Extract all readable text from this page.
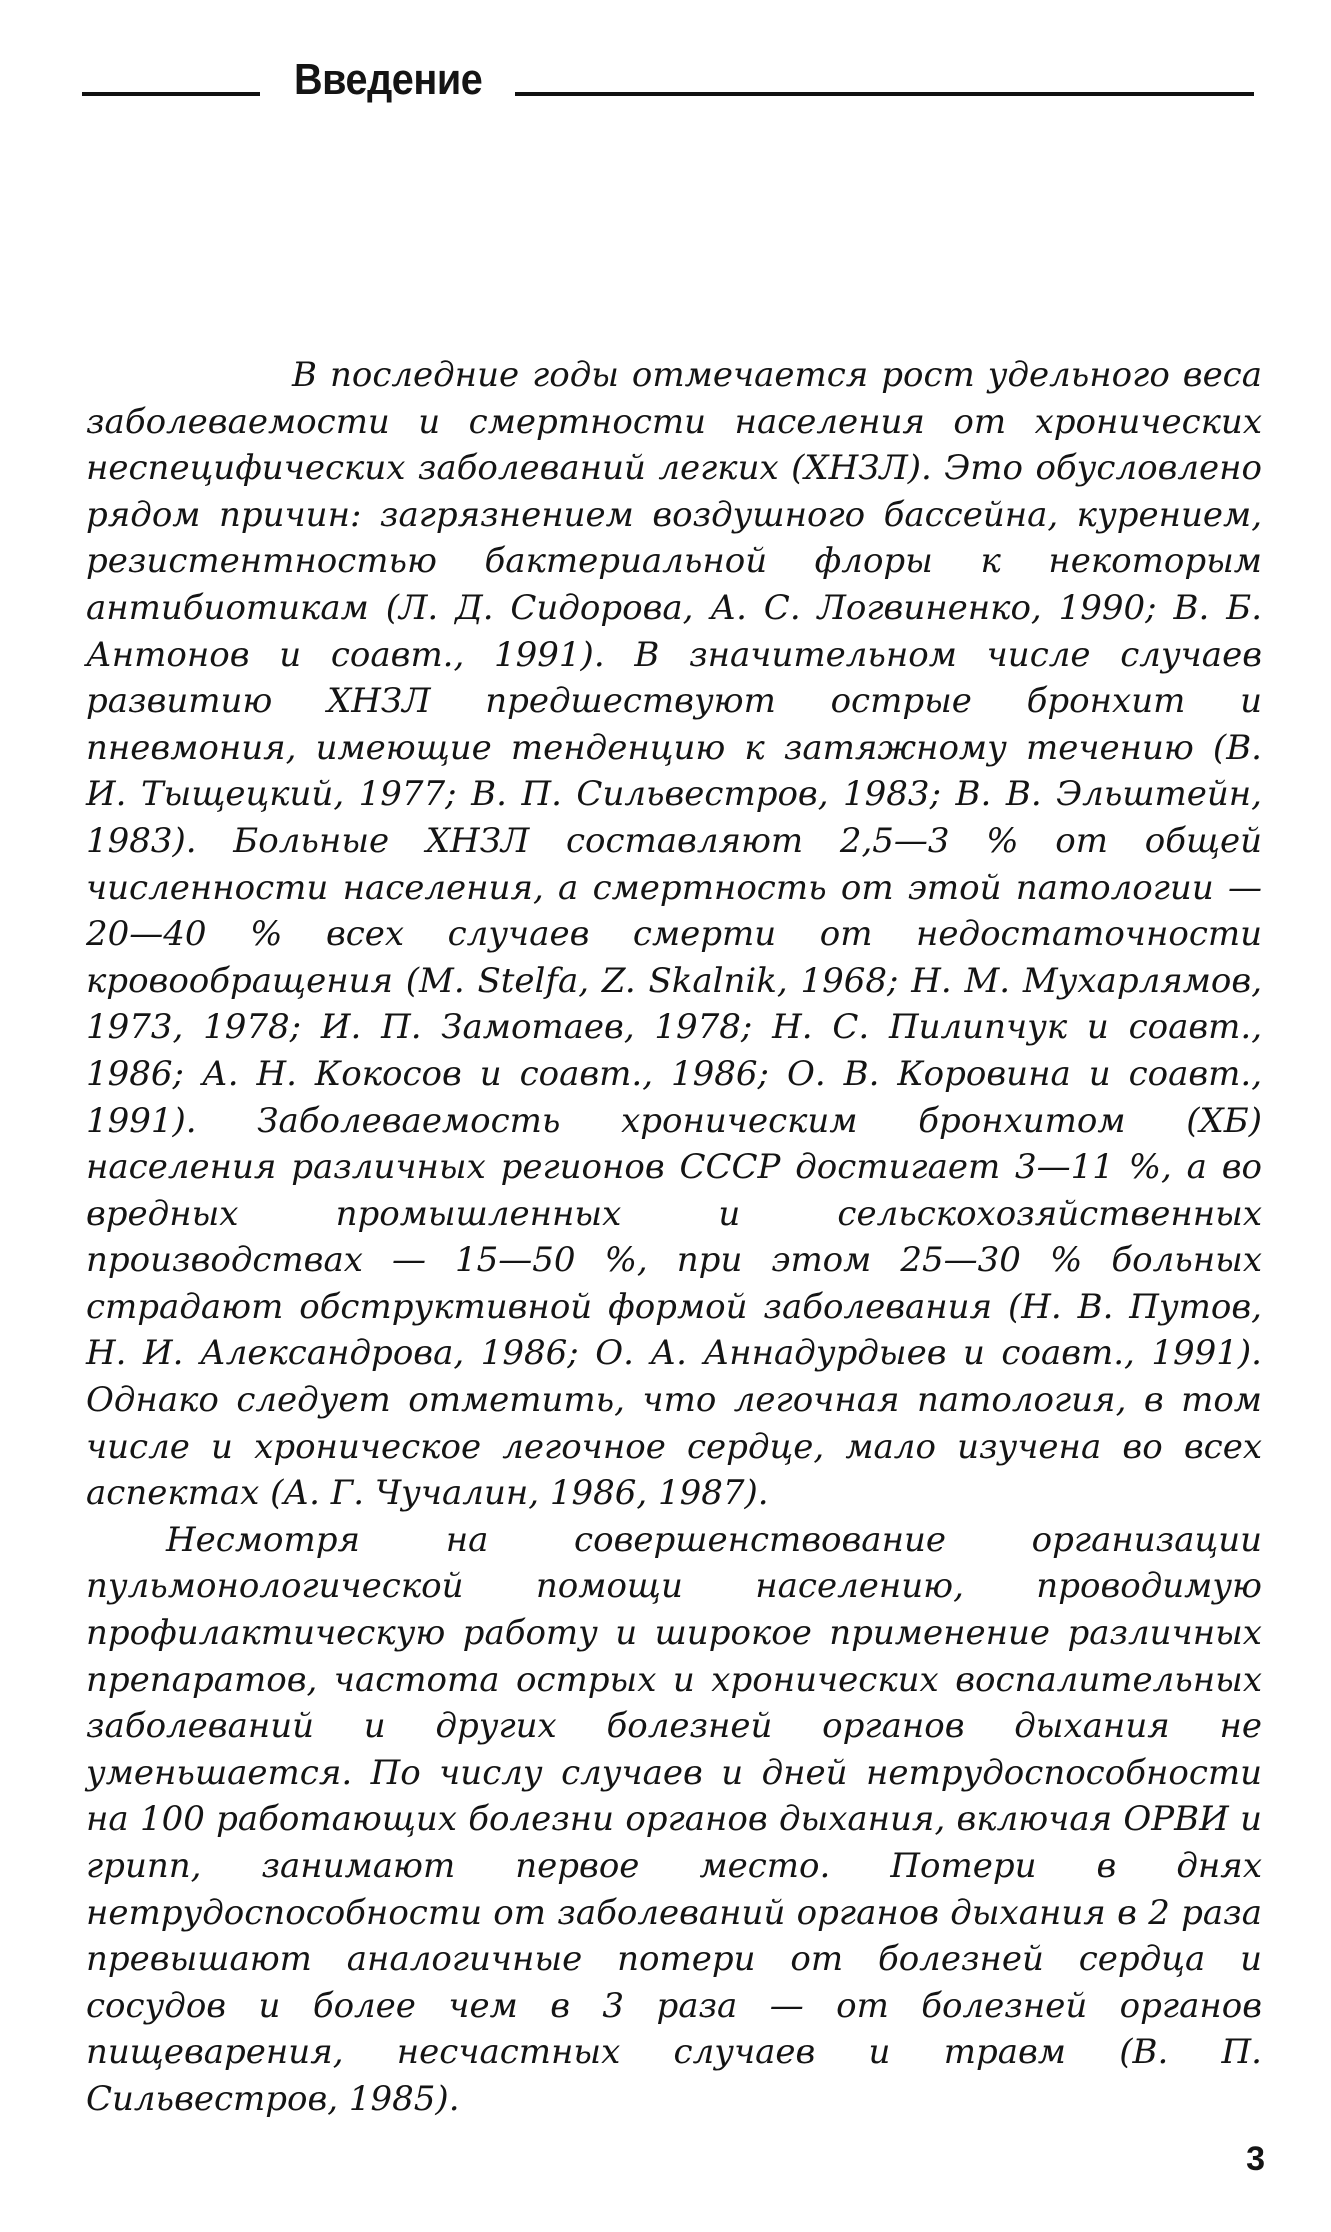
Введение

В последние годы отмечается рост удельного веса заболеваемости и смертности населения от хронических неспецифических заболеваний легких (ХНЗЛ). Это обусловлено рядом причин: загрязнением воздушного бассейна, курением, резистентностью бактериальной флоры к некоторым антибиотикам (Л. Д. Сидорова, А. С. Логвиненко, 1990; В. Б. Антонов и соавт., 1991). В значительном числе случаев развитию ХНЗЛ предшествуют острые бронхит и пневмония, имеющие тенденцию к затяжному течению (В. И. Тыщецкий, 1977; В. П. Сильвестров, 1983; В. В. Эльштейн, 1983). Больные ХНЗЛ составляют 2,5—3 % от общей численности населения, а смертность от этой патологии — 20—40 % всех случаев смерти от недостаточности кровообращения (M. Stelfa, Z. Skalnik, 1968; Н. М. Мухарлямов, 1973, 1978; И. П. Замотаев, 1978; Н. С. Пилипчук и соавт., 1986; А. Н. Кокосов и соавт., 1986; О. В. Коровина и соавт., 1991). Заболеваемость хроническим бронхитом (ХБ) населения различных регионов СССР достигает 3—11 %, а во вредных промышленных и сельскохозяйственных производствах — 15—50 %, при этом 25—30 % больных страдают обструктивной формой заболевания (Н. В. Путов, Н. И. Александрова, 1986; О. А. Аннадурдыев и соавт., 1991). Однако следует отметить, что легочная патология, в том числе и хроническое легочное сердце, мало изучена во всех аспектах (А. Г. Чучалин, 1986, 1987).

Несмотря на совершенствование организации пульмонологической помощи населению, проводимую профилактическую работу и широкое применение различных препаратов, частота острых и хронических воспалительных заболеваний и других болезней органов дыхания не уменьшается. По числу случаев и дней нетрудоспособности на 100 работающих болезни органов дыхания, включая ОРВИ и грипп, занимают первое место. Потери в днях нетрудоспособности от заболеваний органов дыхания в 2 раза превышают аналогичные потери от болезней сердца и сосудов и более чем в 3 раза — от болезней органов пищеварения, несчастных случаев и травм (В. П. Сильвестров, 1985).

3
